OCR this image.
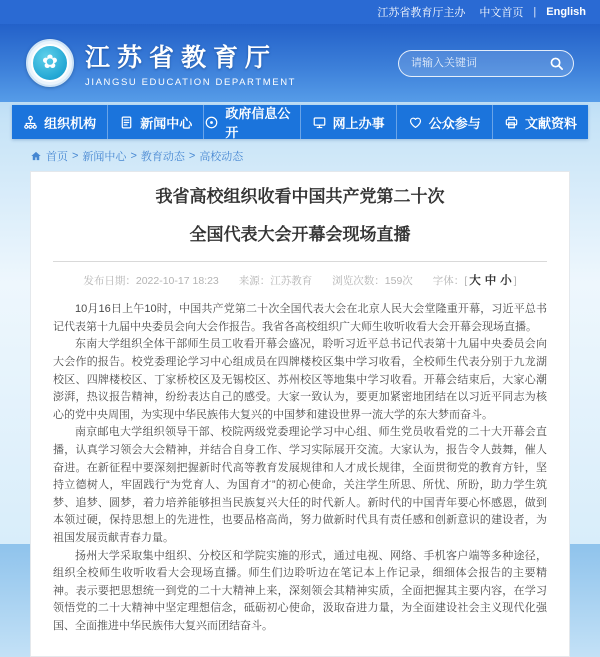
江苏省教育厅主办 中文首页 | English
✿	江苏省教育厅
JIANGSU EDUCATION DEPARTMENT
请输入关键词
组织机构	新闻中心
政府信息公开
网上办事	公众参与	文献资料
首页 > 新闻中心 > 教育动态 > 高校动态
我省高校组织收看中国共产党第二十次
全国代表大会开幕会现场直播
发布日期：2022-10-17 18:23 来源：江苏教育 浏览次数：159次 字体：[ 大 中 小 ]

10月16日上午10时，中国共产党第二十次全国代表大会在北京人民大会堂隆重开幕，习近平总书记代表第十九届中央委员会向大会作报告。我省各高校组织广大师生收听收看大会开幕会现场直播。

东南大学组织全体干部师生员工收看开幕会盛况，聆听习近平总书记代表第十九届中央委员会向大会作的报告。校党委理论学习中心组成员在四牌楼校区集中学习收看，全校师生代表分别于九龙湖校区、四牌楼校区、丁家桥校区及无锡校区、苏州校区等地集中学习收看。开幕会结束后，大家心潮澎湃，热议报告精神，纷纷表达自己的感受。大家一致认为，要更加紧密地团结在以习近平同志为核心的党中央周围，为实现中华民族伟大复兴的中国梦和建设世界一流大学的东大梦而奋斗。

南京邮电大学组织领导干部、校院两级党委理论学习中心组、师生党员收看党的二十大开幕会直播，认真学习领会大会精神，并结合自身工作、学习实际展开交流。大家认为，报告令人鼓舞，催人奋进。在新征程中要深刻把握新时代高等教育发展规律和人才成长规律，全面贯彻党的教育方针，坚持立德树人，牢固践行“为党育人、为国育才”的初心使命，关注学生所思、所忧、所盼，助力学生筑梦、追梦、圆梦，着力培养能够担当民族复兴大任的时代新人。新时代的中国青年要心怀感恩，做到本领过硬，保持思想上的先进性，也要品格高尚，努力做新时代具有责任感和创新意识的建设者，为祖国发展贡献青春力量。

扬州大学采取集中组织、分校区和学院实施的形式，通过电视、网络、手机客户端等多种途径，组织全校师生收听收看大会现场直播。师生们边聆听边在笔记本上作记录，细细体会报告的主要精神。表示要把思想统一到党的二十大精神上来，深刻领会其精神实质，全面把握其主要内容，在学习领悟党的二十大精神中坚定理想信念，砥砺初心使命，汲取奋进力量，为全面建设社会主义现代化强国、全面推进中华民族伟大复兴而团结奋斗。
